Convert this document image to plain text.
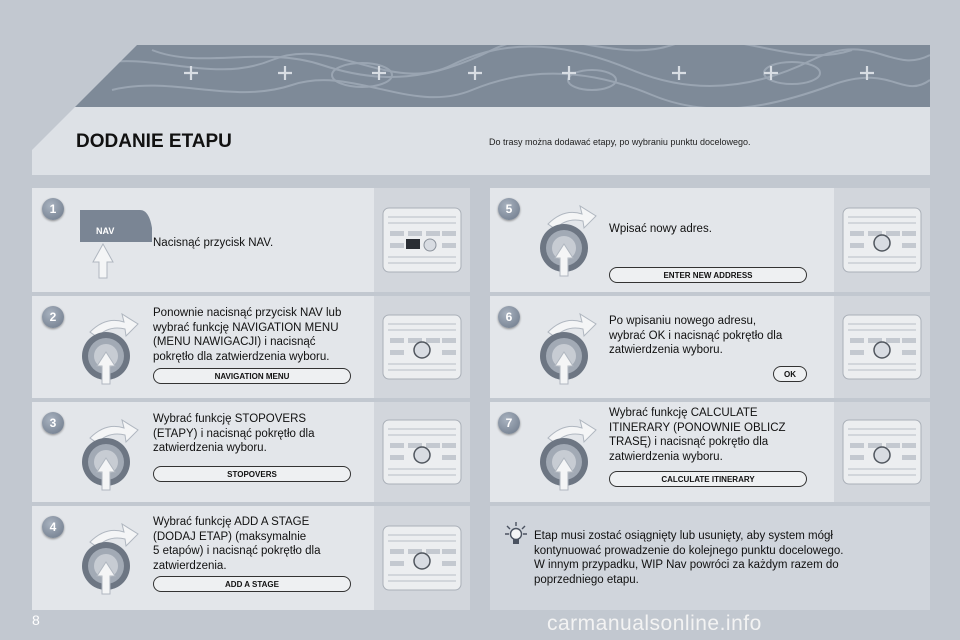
DODANIE ETAPU	Do trasy można dodawać etapy, po wybraniu punktu docelowego.
1
NAV
Nacisnąć przycisk NAV.
2	Ponownie nacisnąć przycisk NAV lub
wybrać funkcję NAVIGATION MENU
(MENU NAWIGACJI) i nacisnąć
pokrętło dla zatwierdzenia wyboru.
NAVIGATION MENU
3	Wybrać funkcję STOPOVERS
(ETAPY) i nacisnąć pokrętło dla
zatwierdzenia wyboru.
STOPOVERS
4	Wybrać funkcję ADD A STAGE
(DODAJ ETAP) (maksymalnie
5 etapów) i nacisnąć pokrętło dla
zatwierdzenia.
ADD A STAGE
5
Wpisać nowy adres.
ENTER NEW ADDRESS
6	Po wpisaniu nowego adresu,
wybrać OK i nacisnąć pokrętło dla
zatwierdzenia wyboru.
OK
7
Wybrać funkcję CALCULATE
ITINERARY (PONOWNIE OBLICZ
TRASĘ) i nacisnąć pokrętło dla
zatwierdzenia wyboru.
CALCULATE ITINERARY
Etap musi zostać osiągnięty lub usunięty, aby system mógł
kontynuować prowadzenie do kolejnego punktu docelowego.
W innym przypadku, WIP Nav powróci za każdym razem do
poprzedniego etapu.
8	carmanualsonline.info
